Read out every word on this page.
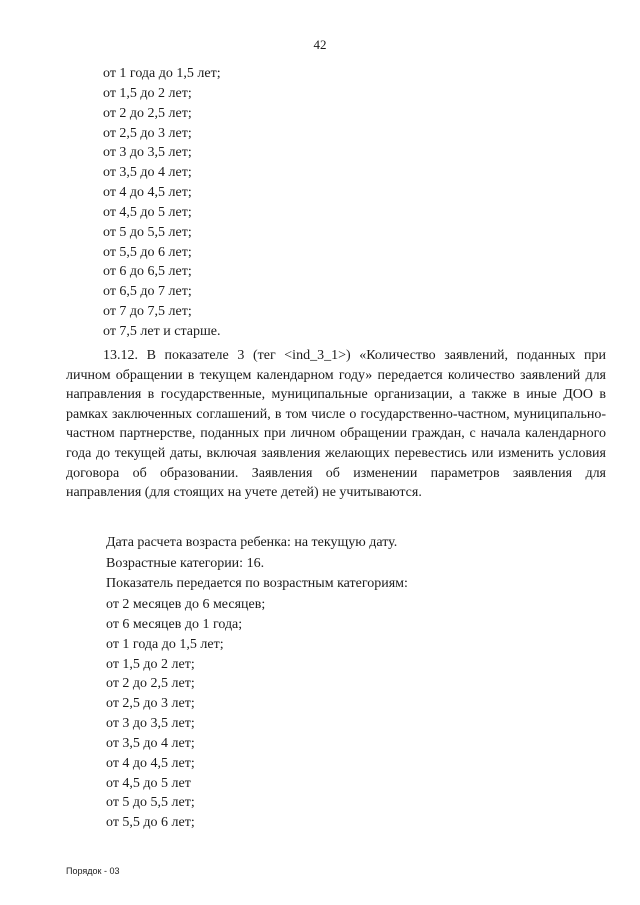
42
от 1 года до 1,5 лет;
от 1,5 до 2 лет;
от 2 до 2,5 лет;
от 2,5 до 3 лет;
от 3 до 3,5 лет;
от 3,5 до 4 лет;
от 4 до 4,5 лет;
от 4,5 до 5 лет;
от 5 до 5,5 лет;
от 5,5 до 6 лет;
от 6 до 6,5 лет;
от 6,5 до 7 лет;
от 7 до 7,5 лет;
от 7,5 лет и старше.

13.12. В показателе 3 (тег <ind_3_1>) «Количество заявлений, поданных при личном обращении в текущем календарном году» передается количество заявлений для направления в государственные, муниципальные организации, а также в иные ДОО в рамках заключенных соглашений, в том числе о государственно-частном, муниципально-частном партнерстве, поданных при личном обращении граждан, с начала календарного года до текущей даты, включая заявления желающих перевестись или изменить условия договора об образовании. Заявления об изменении параметров заявления для направления (для стоящих на учете детей) не учитываются.

Дата расчета возраста ребенка: на текущую дату.
Возрастные категории: 16.
Показатель передается по возрастным категориям:
от 2 месяцев до 6 месяцев;
от 6 месяцев до 1 года;
от 1 года до 1,5 лет;
от 1,5 до 2 лет;
от 2 до 2,5 лет;
от 2,5 до 3 лет;
от 3 до 3,5 лет;
от 3,5 до 4 лет;
от 4 до 4,5 лет;
от 4,5 до 5 лет
от 5 до 5,5 лет;
от 5,5 до 6 лет;
Порядок - 03
